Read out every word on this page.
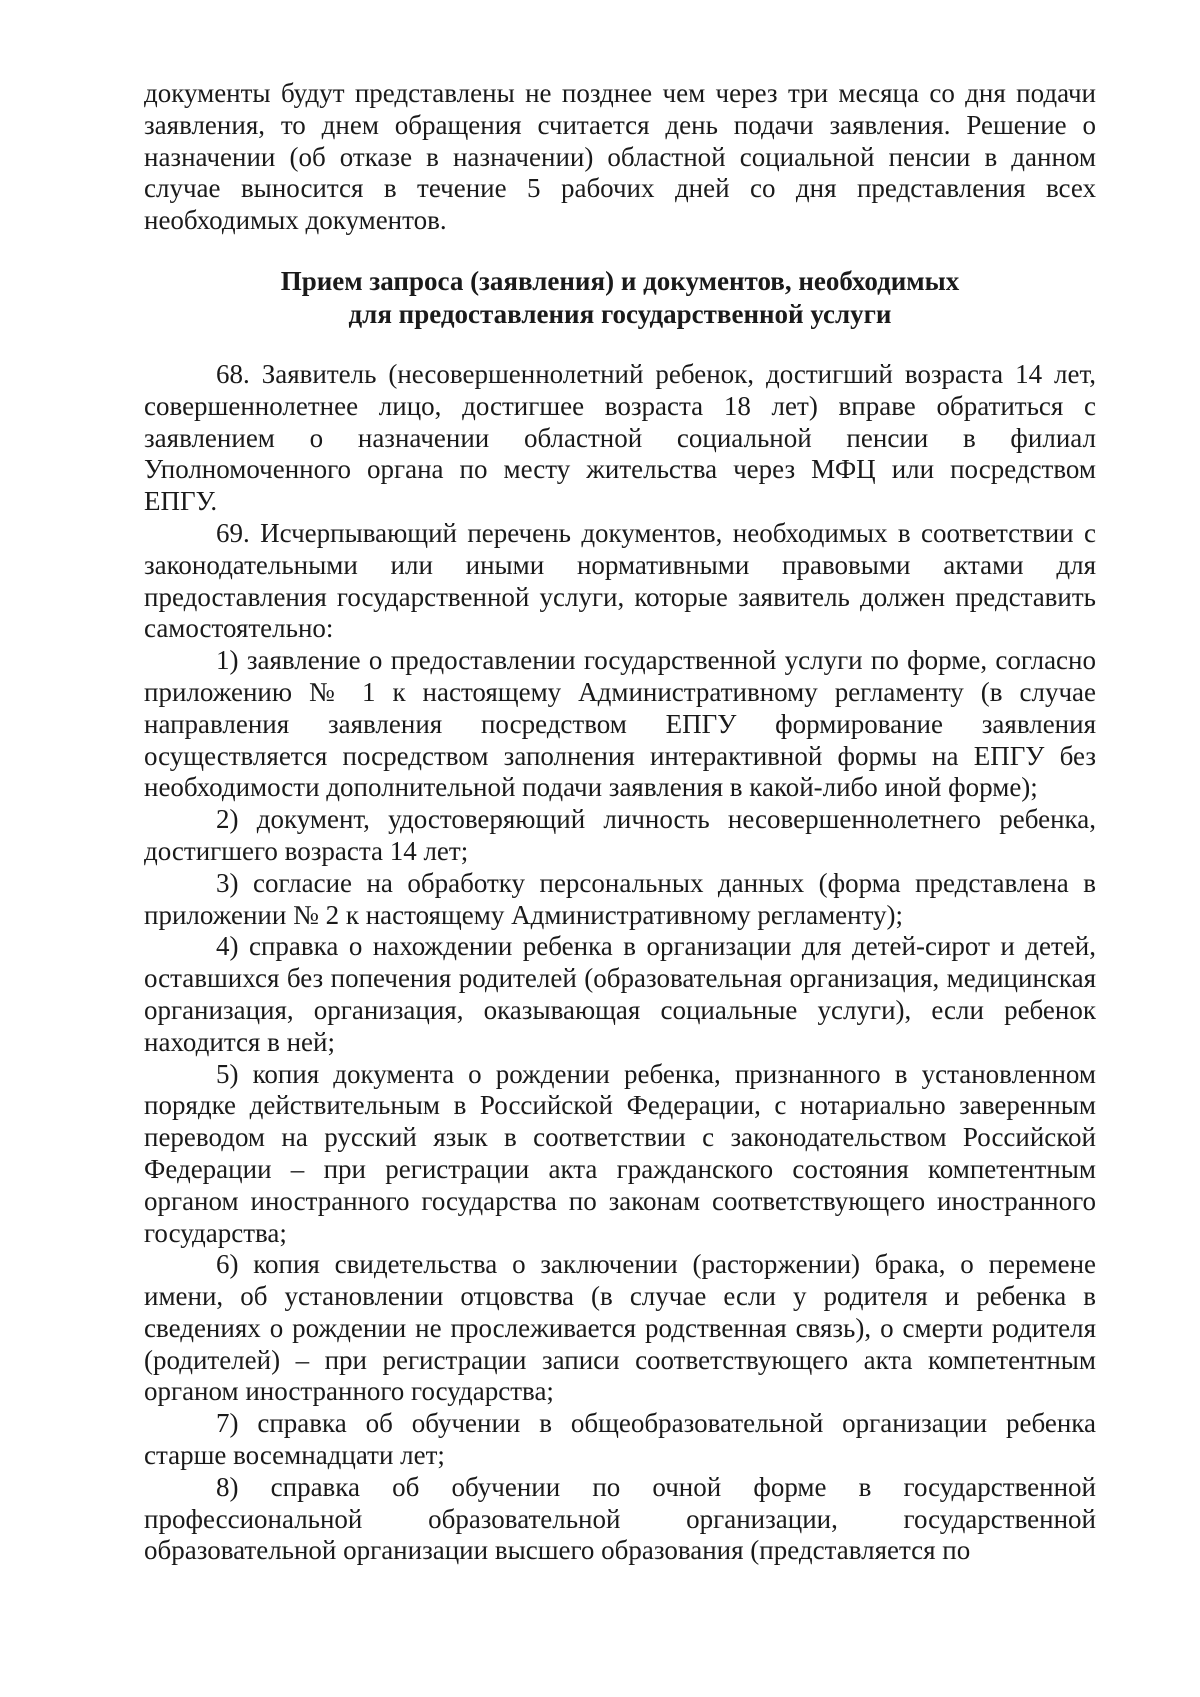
документы будут представлены не позднее чем через три месяца со дня подачи заявления, то днем обращения считается день подачи заявления. Решение о назначении (об отказе в назначении) областной социальной пенсии в данном случае выносится в течение 5 рабочих дней со дня представления всех необходимых документов.

Прием запроса (заявления) и документов, необходимых
для предоставления государственной услуги

68. Заявитель (несовершеннолетний ребенок, достигший возраста 14 лет, совершеннолетнее лицо, достигшее возраста 18 лет) вправе обратиться с заявлением о назначении областной социальной пенсии в филиал Уполномоченного органа по месту жительства через МФЦ или посредством ЕПГУ.

69. Исчерпывающий перечень документов, необходимых в соответствии с законодательными или иными нормативными правовыми актами для предоставления государственной услуги, которые заявитель должен представить самостоятельно:

1) заявление о предоставлении государственной услуги по форме, согласно приложению № 1 к настоящему Административному регламенту (в случае направления заявления посредством ЕПГУ формирование заявления осуществляется посредством заполнения интерактивной формы на ЕПГУ без необходимости дополнительной подачи заявления в какой-либо иной форме);

2) документ, удостоверяющий личность несовершеннолетнего ребенка, достигшего возраста 14 лет;

3) согласие на обработку персональных данных (форма представлена в приложении № 2 к настоящему Административному регламенту);

4) справка о нахождении ребенка в организации для детей-сирот и детей, оставшихся без попечения родителей (образовательная организация, медицинская организация, организация, оказывающая социальные услуги), если ребенок находится в ней;

5) копия документа о рождении ребенка, признанного в установленном порядке действительным в Российской Федерации, с нотариально заверенным переводом на русский язык в соответствии с законодательством Российской Федерации – при регистрации акта гражданского состояния компетентным органом иностранного государства по законам соответствующего иностранного государства;

6) копия свидетельства о заключении (расторжении) брака, о перемене имени, об установлении отцовства (в случае если у родителя и ребенка в сведениях о рождении не прослеживается родственная связь), о смерти родителя (родителей) – при регистрации записи соответствующего акта компетентным органом иностранного государства;

7) справка об обучении в общеобразовательной организации ребенка старше восемнадцати лет;

8) справка об обучении по очной форме в государственной профессиональной образовательной организации, государственной образовательной организации высшего образования (представляется по
